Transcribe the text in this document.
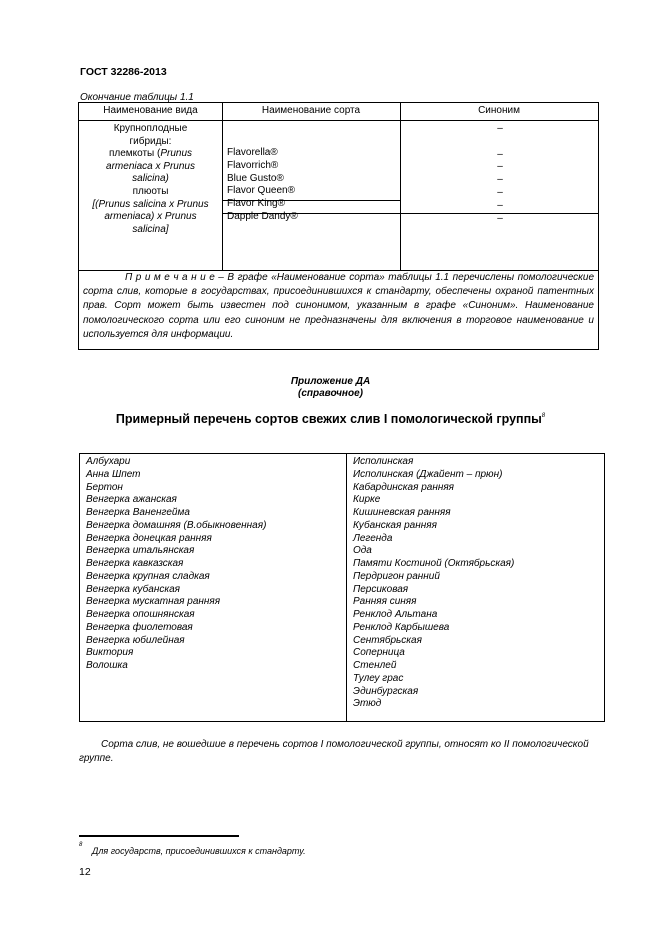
ГОСТ 32286-2013
Окончание таблицы 1.1
Наименование вида	Наименование сорта	Синоним
Крупноплодные
гибриды:
племкоты (Prunus
armeniaca x Prunus
salicina)
плюоты
[(Prunus salicina x Prunus
armeniaca) x Prunus
salicina]
Flavorella®
Flavorrich®
Blue Gusto®
Flavor Queen®
Flavor King®
Dapple Dandy®
–

–
–
–
–
–
–
П р и м е ч а н и е – В графе «Наименование сорта» таблицы 1.1 перечислены помологические сорта слив, которые в государствах, присоединившихся к стандарту, обеспечены охраной патентных прав. Сорт может быть известен под синонимом, указанным в графе «Синоним». Наименование помологического сорта или его синоним не предназначены для включения в торговое наименование и используется для информации.
Приложение ДА
(справочное)
Примерный перечень сортов свежих слив I помологической группы$^8$
Албухари
Анна Шпет
Бертон
Венгерка ажанская
Венгерка Ваненгейма
Венгерка домашняя (В.обыкновенная)
Венгерка донецкая ранняя
Венгерка итальянская
Венгерка кавказская
Венгерка крупная сладкая
Венгерка кубанская
Венгерка мускатная ранняя
Венгерка опошнянская
Венгерка фиолетовая
Венгерка юбилейная
Виктория
Волошка
Исполинская
Исполинская (Джайент – прюн)
Кабардинская ранняя
Кирке
Кишиневская ранняя
Кубанская ранняя
Легенда
Ода
Памяти Костиной (Октябрьская)
Пердригон ранний
Персиковая
Ранняя синяя
Ренклод Альтана
Ренклод Карбышева
Сентябрьская
Соперница
Стенлей
Тулеу грас
Эдинбургская
Этюд
Сорта слив, не вошедшие в перечень сортов I помологической группы, относят ко II помологической группе.
8
Для государств, присоединившихся к стандарту.
12
